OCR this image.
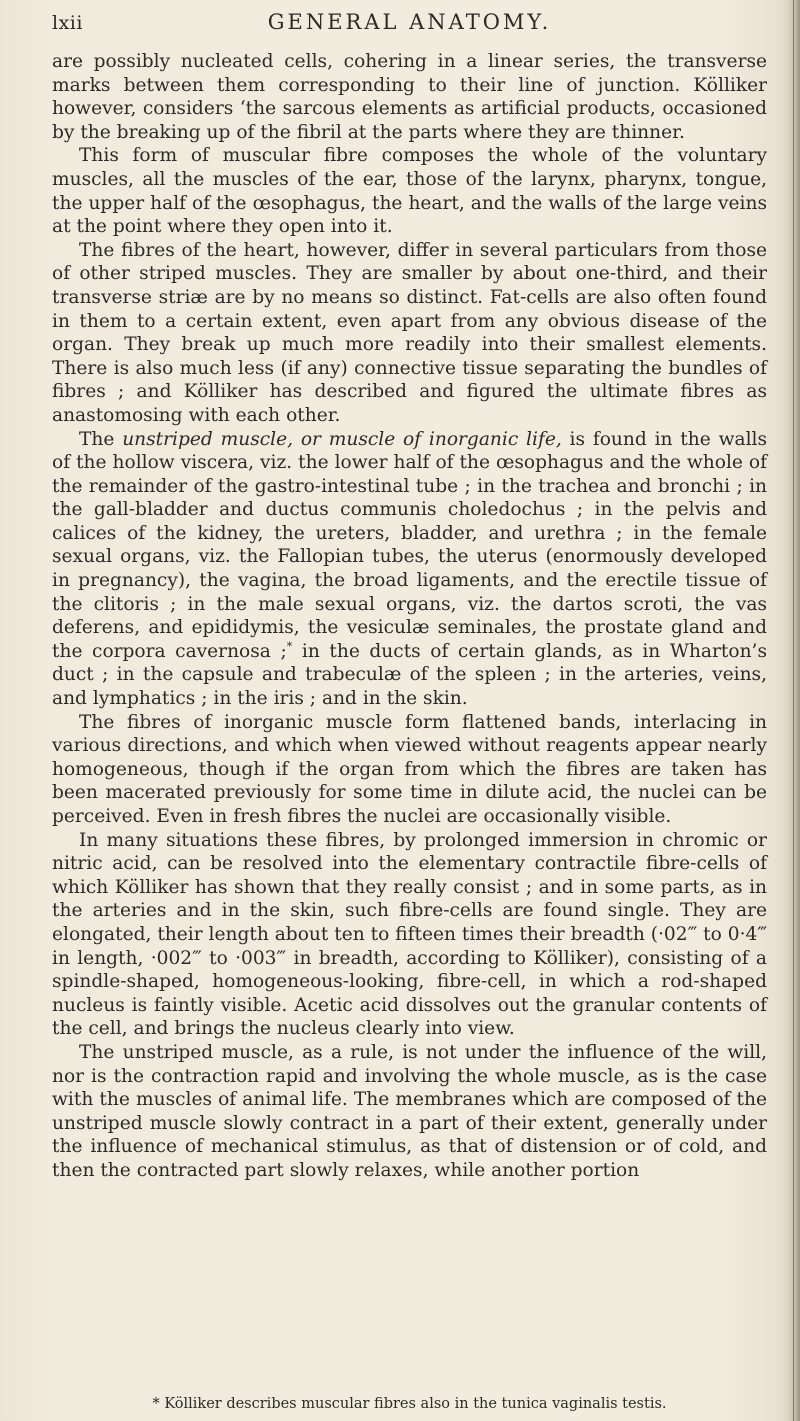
lxii	GENERAL ANATOMY.

are possibly nucleated cells, cohering in a linear series, the transverse marks between them corresponding to their line of junction. Kölliker however, considers ‘the sarcous elements as artificial products, occasioned by the breaking up of the fibril at the parts where they are thinner.

This form of muscular fibre composes the whole of the voluntary muscles, all the muscles of the ear, those of the larynx, pharynx, tongue, the upper half of the œsophagus, the heart, and the walls of the large veins at the point where they open into it.

The fibres of the heart, however, differ in several particulars from those of other striped muscles. They are smaller by about one-third, and their transverse striæ are by no means so distinct. Fat-cells are also often found in them to a certain extent, even apart from any obvious disease of the organ. They break up much more readily into their smallest elements. There is also much less (if any) connective tissue separating the bundles of fibres ; and Kölliker has described and figured the ultimate fibres as anastomosing with each other.

The unstriped muscle, or muscle of inorganic life, is found in the walls of the hollow viscera, viz. the lower half of the œsophagus and the whole of the remainder of the gastro-intestinal tube ; in the trachea and bronchi ; in the gall-bladder and ductus communis choledochus ; in the pelvis and calices of the kidney, the ureters, bladder, and urethra ; in the female sexual organs, viz. the Fallopian tubes, the uterus (enormously developed in pregnancy), the vagina, the broad ligaments, and the erectile tissue of the clitoris ; in the male sexual organs, viz. the dartos scroti, the vas deferens, and epididymis, the vesiculæ seminales, the prostate gland and the corpora cavernosa ;* in the ducts of certain glands, as in Wharton’s duct ; in the capsule and trabeculæ of the spleen ; in the arteries, veins, and lymphatics ; in the iris ; and in the skin.

The fibres of inorganic muscle form flattened bands, interlacing in various directions, and which when viewed without reagents appear nearly homogeneous, though if the organ from which the fibres are taken has been macerated previously for some time in dilute acid, the nuclei can be perceived. Even in fresh fibres the nuclei are occasionally visible.

In many situations these fibres, by prolonged immersion in chromic or nitric acid, can be resolved into the elementary contractile fibre-cells of which Kölliker has shown that they really consist ; and in some parts, as in the arteries and in the skin, such fibre-cells are found single. They are elongated, their length about ten to fifteen times their breadth (·02‴ to 0·4‴ in length, ·002‴ to ·003‴ in breadth, according to Kölliker), consisting of a spindle-shaped, homogeneous-looking, fibre-cell, in which a rod-shaped nucleus is faintly visible. Acetic acid dissolves out the granular contents of the cell, and brings the nucleus clearly into view.

The unstriped muscle, as a rule, is not under the influence of the will, nor is the contraction rapid and involving the whole muscle, as is the case with the muscles of animal life. The membranes which are composed of the unstriped muscle slowly contract in a part of their extent, generally under the influence of mechanical stimulus, as that of distension or of cold, and then the contracted part slowly relaxes, while another portion

* Kölliker describes muscular fibres also in the tunica vaginalis testis.
